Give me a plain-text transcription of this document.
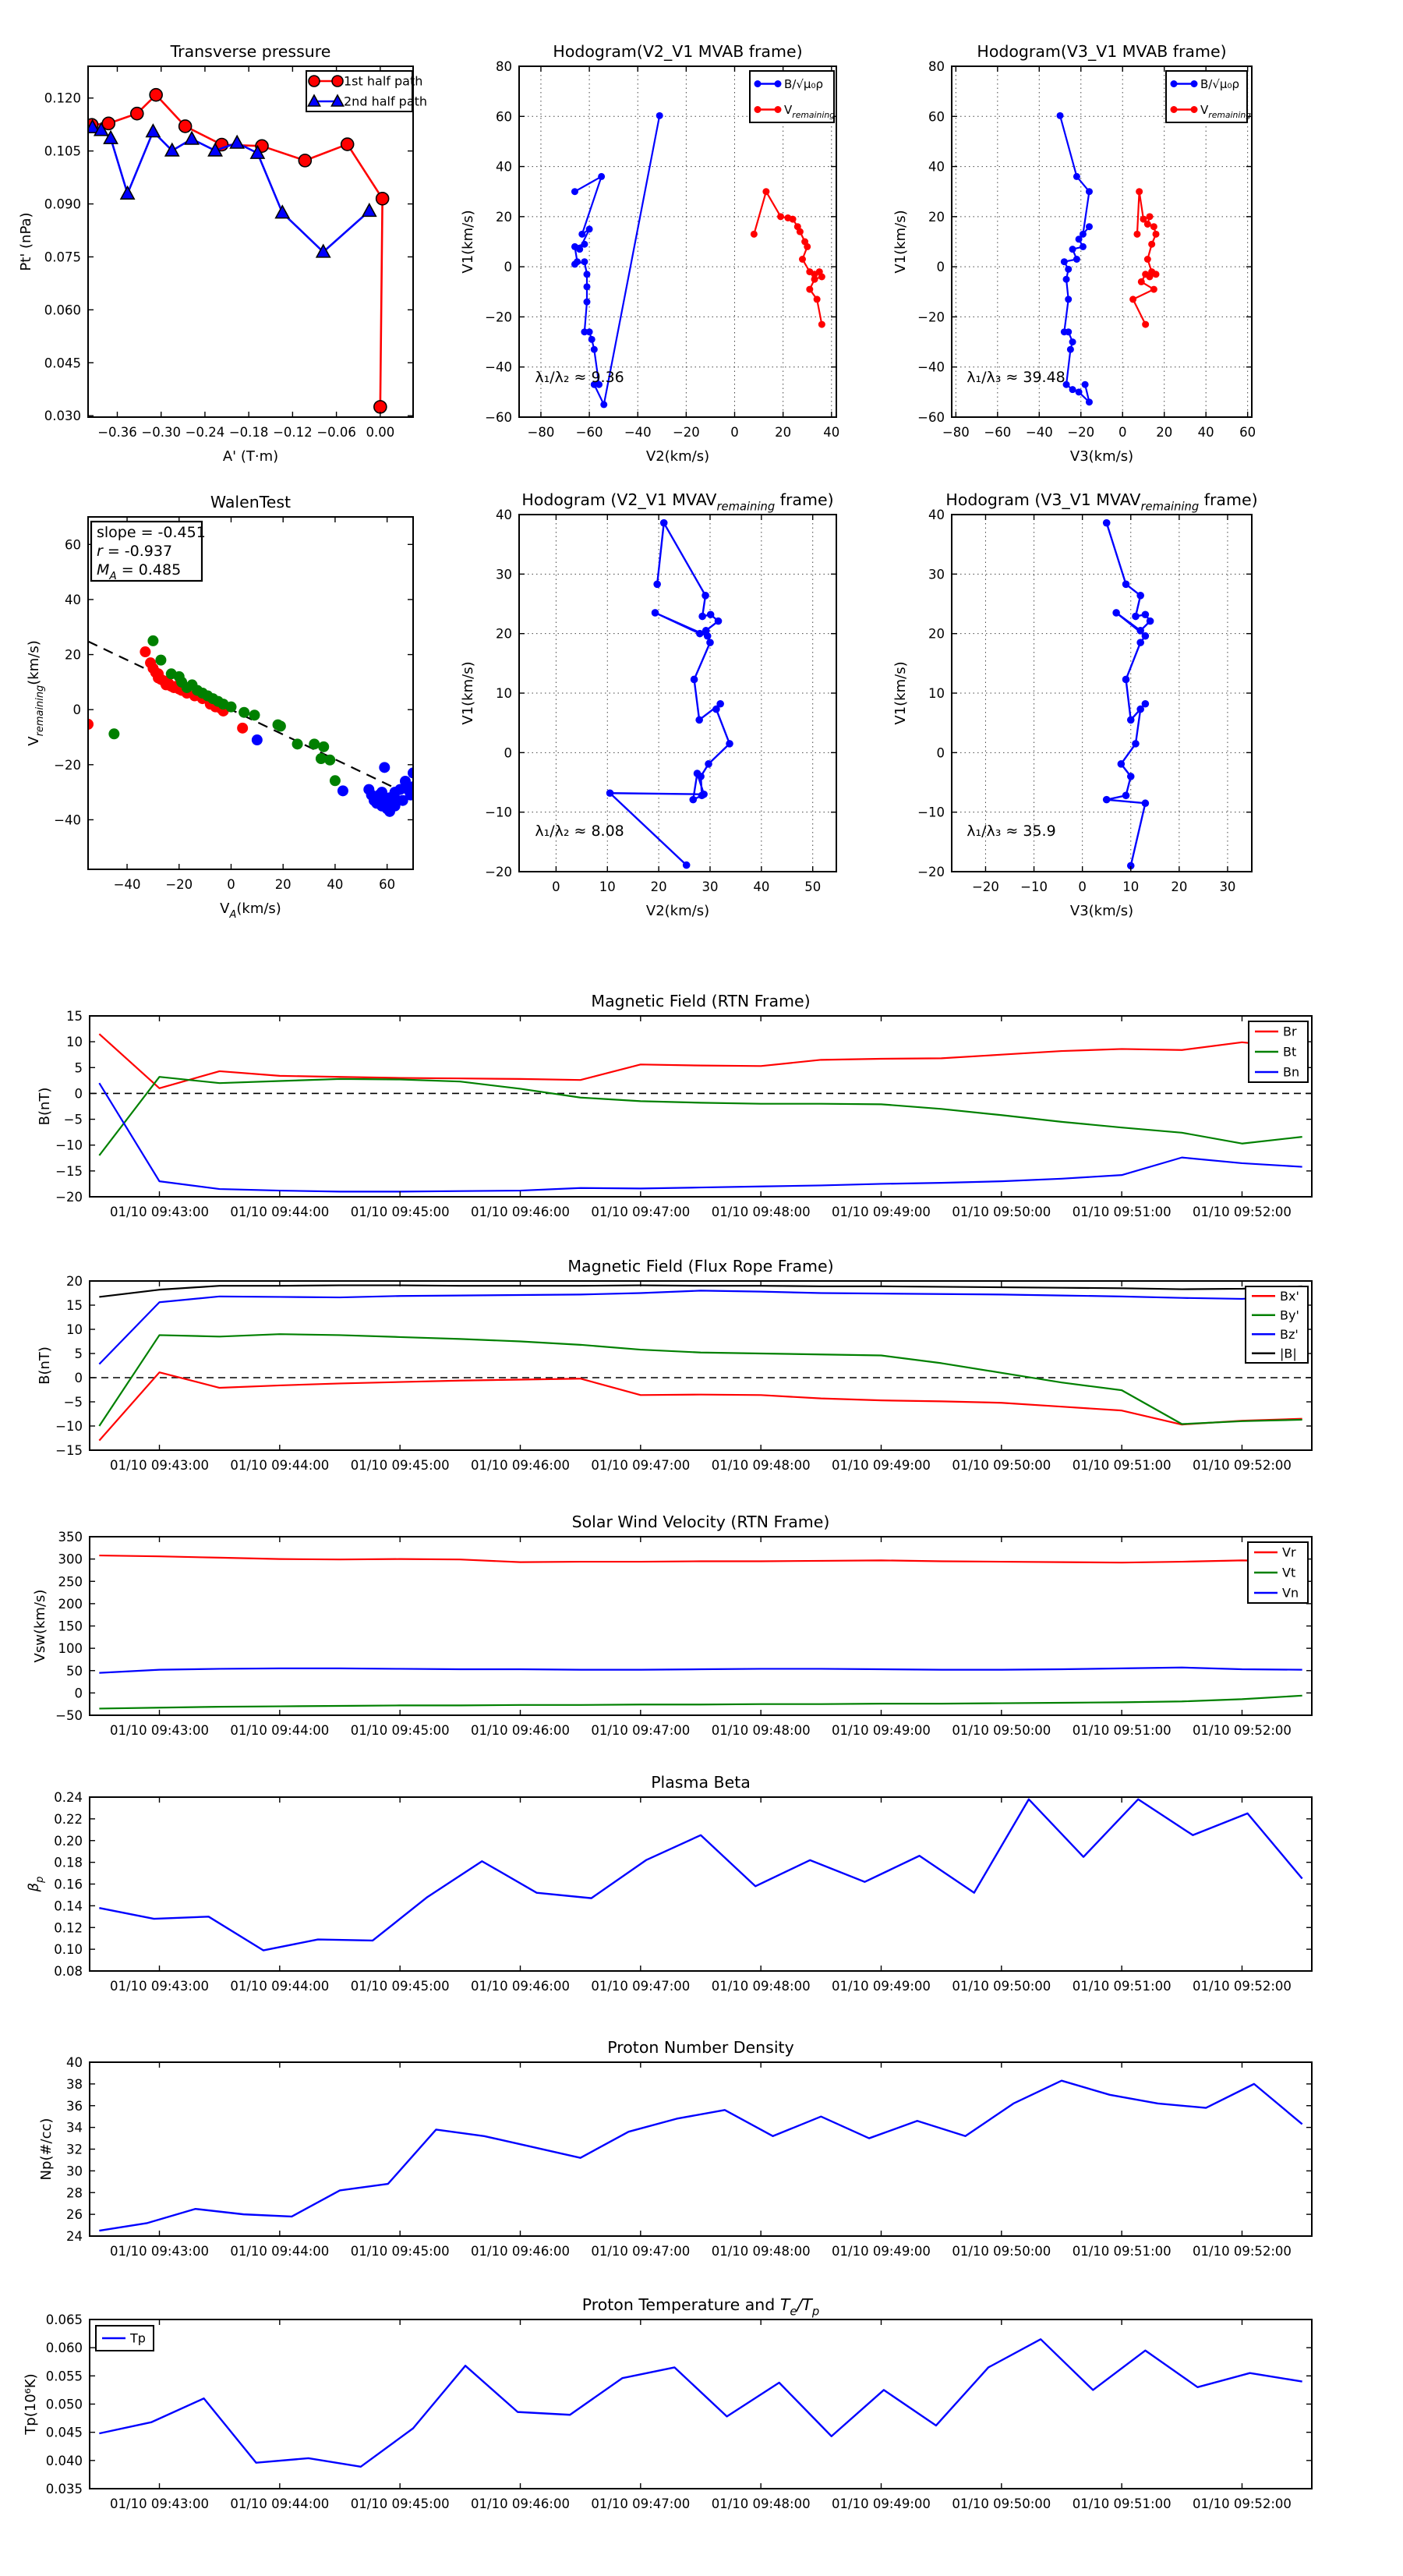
−0.36 −0.30 −0.24 −0.18 −0.12 −0.06 0.00
0.030
0.045
0.060
0.075
0.090
0.105
0.120
Transverse pressure
A' (T·m)
Pt' (nPa)
1st half path
2nd half path
−80 −60 −40 −20 0	20 40
−60
−40
−20
0
20
40
60
80
Hodogram(V2_V1 MVAB frame)
V2(km/s)
V1(km/s)
B/√μ₀ρ
$V_{remaining}$
λ₁/λ₂ ≈ 9.36
−80 −60 −40 −20 0 20 40 60
−60
−40
−20
0
20
40
60
80
Hodogram(V3_V1 MVAB frame)
V3(km/s)
V1(km/s)
B/√μ₀ρ
$V_{remaining}$
λ₁/λ₃ ≈ 39.48
−40 −20	0	20	40	60
−40
−20
0
20
40
60
WalenTest
$V_A(km/s)$
$V_{remaining}(km/s)$
slope = -0.451
r = -0.937
$M_A = 0.485$
0	10	20	30	40	50
−20
−10
0
10
20
30
40
Hodogram (V2_V1 $MVAV_{remaining}$ frame)
V2(km/s)
V1(km/s)
λ₁/λ₂ ≈ 8.08
−20 −10 0	10 20 30
−20
−10
0
10
20
30
40
Hodogram (V3_V1 $MVAV_{remaining}$ frame)
V3(km/s)
V1(km/s)
λ₁/λ₃ ≈ 35.9
01/10 09:43:00 01/10 09:44:00 01/10 09:45:00 01/10 09:46:00 01/10 09:47:00 01/10 09:48:00 01/10 09:49:00 01/10 09:50:00 01/10 09:51:00 01/10 09:52:00
−20
−15
−10
−5
0
5
10
15
Magnetic Field (RTN Frame)
B(nT)
Br
Bt
Bn
01/10 09:43:00 01/10 09:44:00 01/10 09:45:00 01/10 09:46:00 01/10 09:47:00 01/10 09:48:00 01/10 09:49:00 01/10 09:50:00 01/10 09:51:00 01/10 09:52:00
−15
−10
−5
0
5
10
15
20
Magnetic Field (Flux Rope Frame)
B(nT)
Bx'
By'
Bz'
|B|
01/10 09:43:00 01/10 09:44:00 01/10 09:45:00 01/10 09:46:00 01/10 09:47:00 01/10 09:48:00 01/10 09:49:00 01/10 09:50:00 01/10 09:51:00 01/10 09:52:00
−50
0
50
100
150
200
250
300
350
Solar Wind Velocity (RTN Frame)
Vsw(km/s)
Vr
Vt
Vn
01/10 09:43:00 01/10 09:44:00 01/10 09:45:00 01/10 09:46:00 01/10 09:47:00 01/10 09:48:00 01/10 09:49:00 01/10 09:50:00 01/10 09:51:00 01/10 09:52:00
0.08
0.10
0.12
0.14
0.16
0.18
0.20
0.22
0.24
Plasma Beta
$\beta_p$
01/10 09:43:00 01/10 09:44:00 01/10 09:45:00 01/10 09:46:00 01/10 09:47:00 01/10 09:48:00 01/10 09:49:00 01/10 09:50:00 01/10 09:51:00 01/10 09:52:00
24
26
28
30
32
34
36
38
40
Proton Number Density
Np(#/cc)
01/10 09:43:00 01/10 09:44:00 01/10 09:45:00 01/10 09:46:00 01/10 09:47:00 01/10 09:48:00 01/10 09:49:00 01/10 09:50:00 01/10 09:51:00 01/10 09:52:00
0.035
0.040
0.045
0.050
0.055
0.060
0.065
Proton Temperature and $T_e/T_p$
Tp(10⁶K)
Tp
